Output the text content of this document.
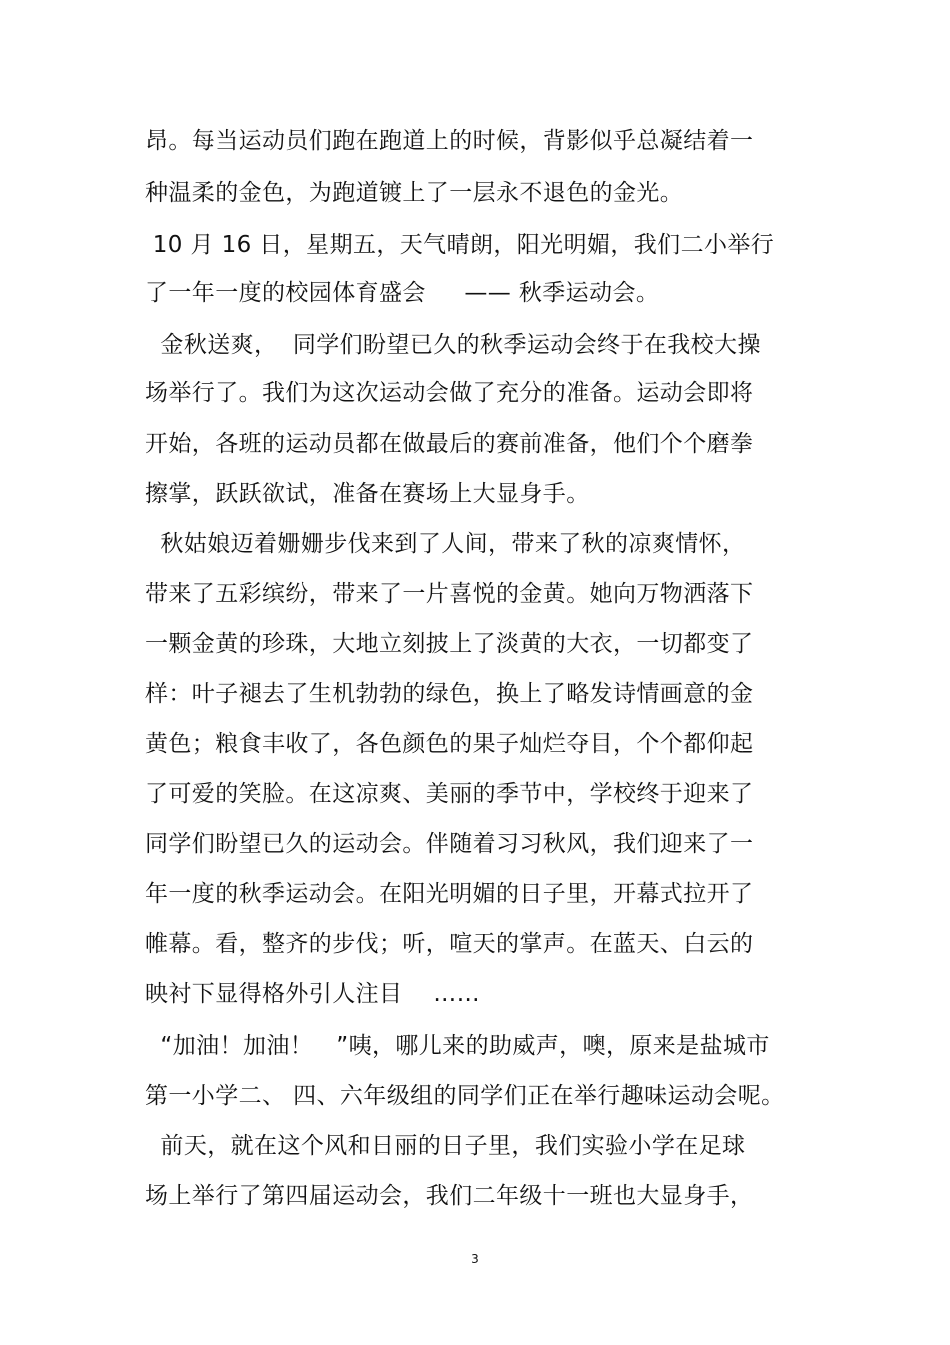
昂。每当运动员们跑在跑道上的时候，背影似乎总凝结着一
种温柔的金色，为跑道镀上了一层永不退色的金光。
10 月 16 日，星期五，天气晴朗，阳光明媚，我们二小举行
了一年一度的校园体育盛会     —— 秋季运动会。
金秋送爽，  同学们盼望已久的秋季运动会终于在我校大操
场举行了。我们为这次运动会做了充分的准备。运动会即将
开始，各班的运动员都在做最后的赛前准备，他们个个磨拳
擦掌，跃跃欲试，准备在赛场上大显身手。
秋姑娘迈着姗姗步伐来到了人间，带来了秋的凉爽情怀，
带来了五彩缤纷，带来了一片喜悦的金黄。她向万物洒落下
一颗金黄的珍珠，大地立刻披上了淡黄的大衣，一切都变了
样：叶子褪去了生机勃勃的绿色，换上了略发诗情画意的金
黄色；粮食丰收了，各色颜色的果子灿烂夺目，个个都仰起
了可爱的笑脸。在这凉爽、美丽的季节中，学校终于迎来了
同学们盼望已久的运动会。伴随着习习秋风，我们迎来了一
年一度的秋季运动会。在阳光明媚的日子里，开幕式拉开了
帷幕。看，整齐的步伐；听，喧天的掌声。在蓝天、白云的
映衬下显得格外引人注目    ……
“加油！加油！   ”咦，哪儿来的助威声，噢，原来是盐城市
第一小学二、 四、六年级组的同学们正在举行趣味运动会呢。
前天，就在这个风和日丽的日子里，我们实验小学在足球
场上举行了第四届运动会，我们二年级十一班也大显身手，
3
